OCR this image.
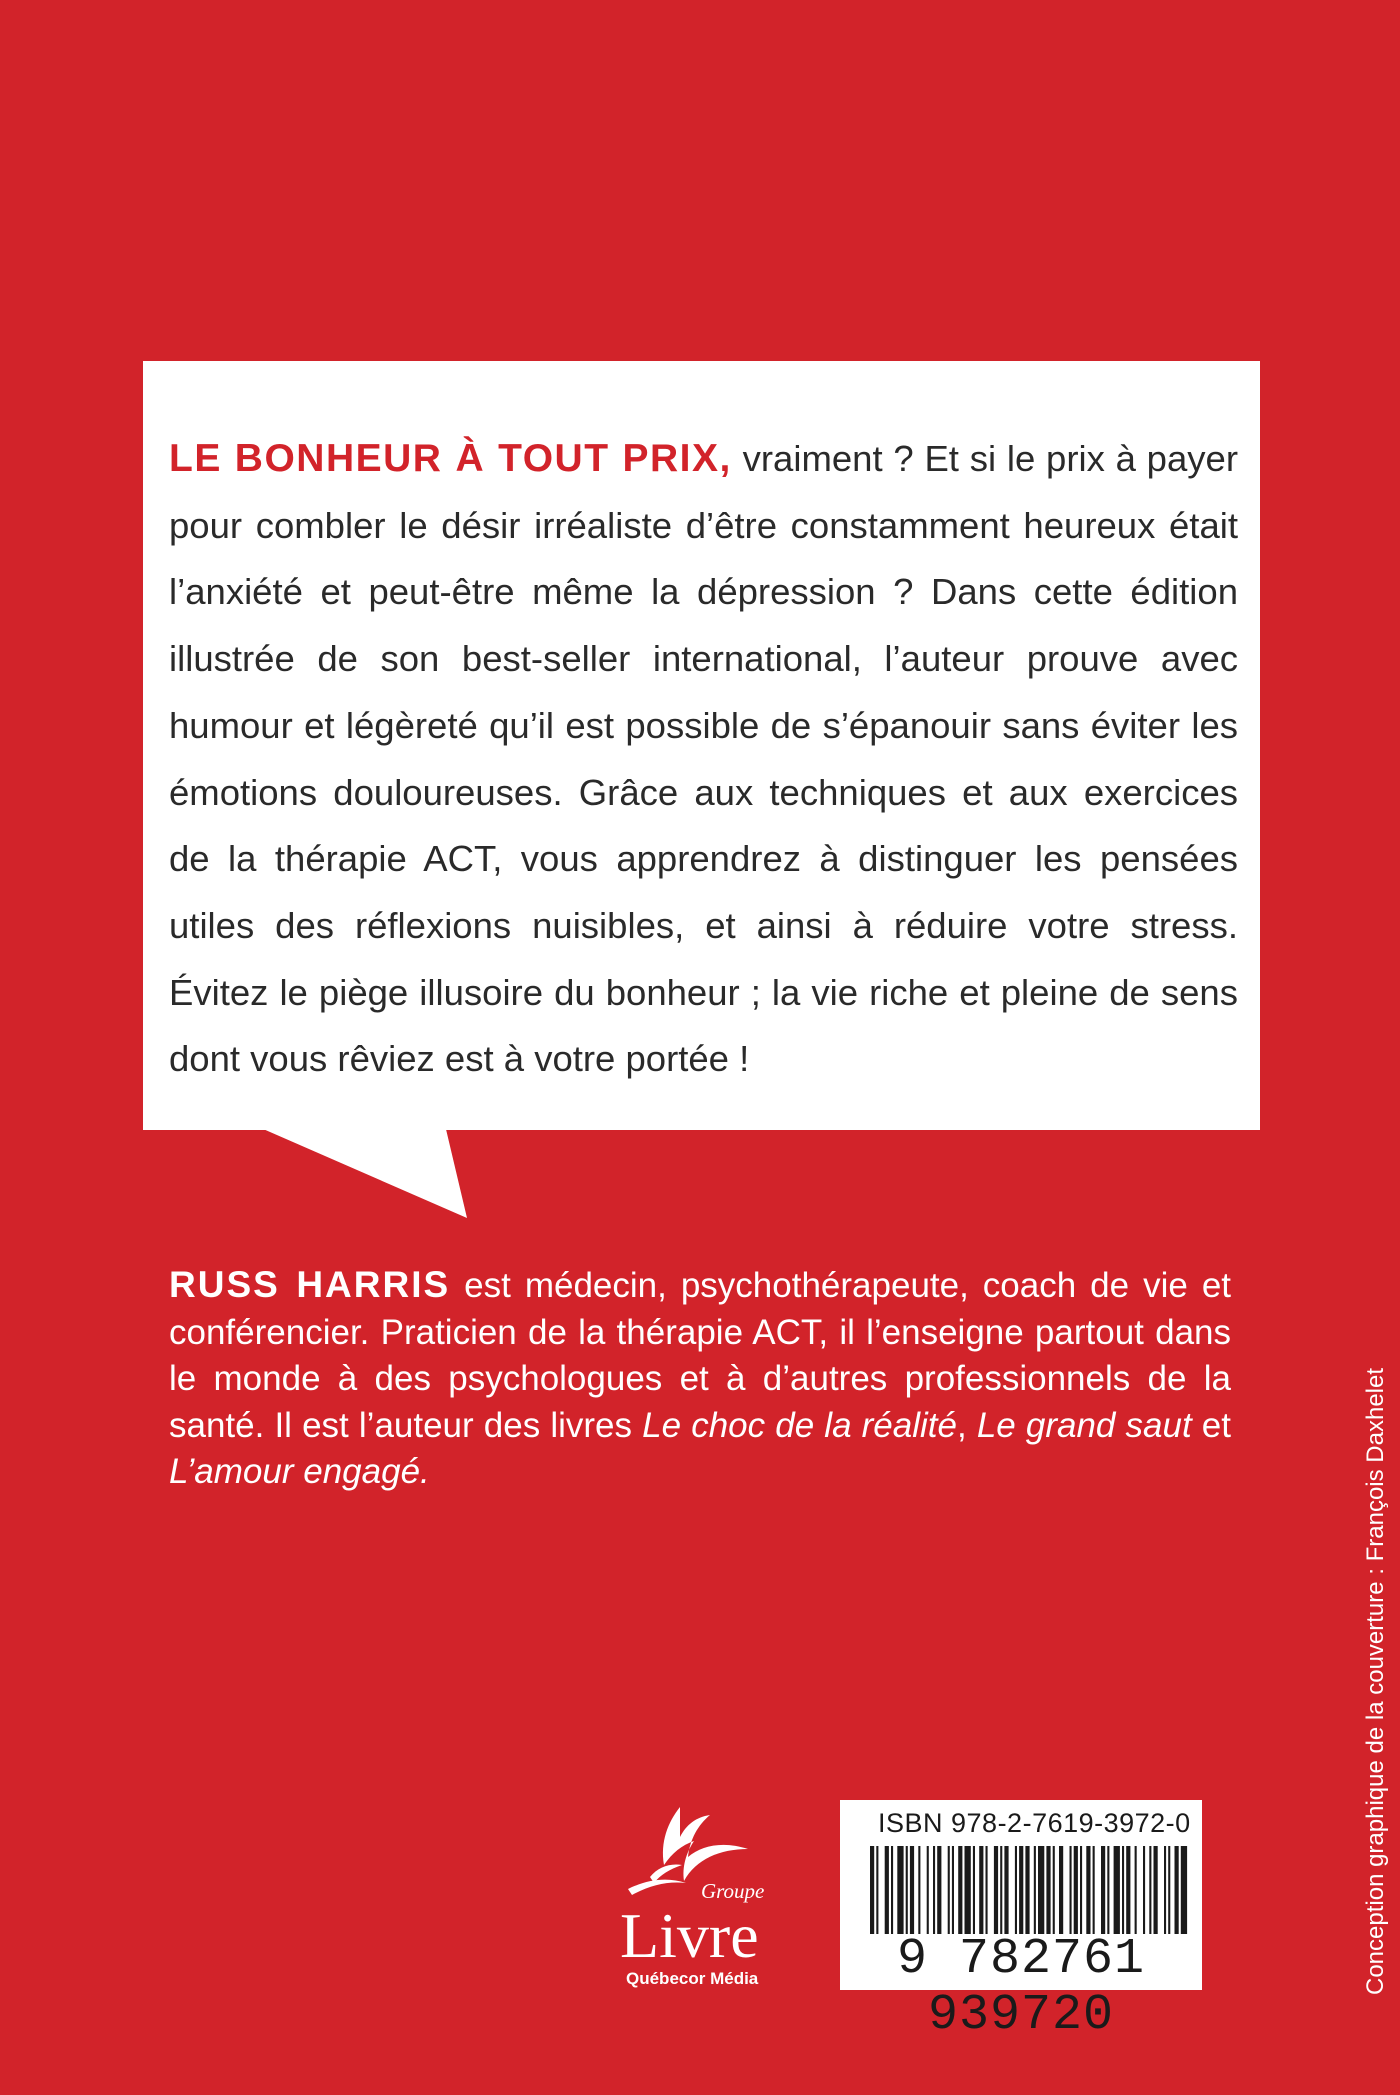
LE BONHEUR À TOUT PRIX, vraiment ? Et si le prix à payer pour combler le désir irréaliste d’être constamment heureux était l’anxiété et peut-être même la dépression ? Dans cette édition illustrée de son best-seller international, l’auteur prouve avec humour et légèreté qu’il est possible de s’épanouir sans éviter les émotions douloureuses. Grâce aux techniques et aux exercices de la thérapie ACT, vous apprendrez à distinguer les pensées utiles des réflexions nuisibles, et ainsi à réduire votre stress. Évitez le piège illusoire du bonheur ; la vie riche et pleine de sens dont vous rêviez est à votre portée !

RUSS HARRIS est médecin, psychothérapeute, coach de vie et conférencier. Praticien de la thérapie ACT, il l’enseigne partout dans le monde à des psychologues et à d’autres professionnels de la santé. Il est l’auteur des livres Le choc de la réalité, Le grand saut et L’amour engagé.	Conception graphique de la couverture : François Daxhelet
Groupe
Livre
Québecor Média
ISBN 978-2-7619-3972-0
9 782761 939720
